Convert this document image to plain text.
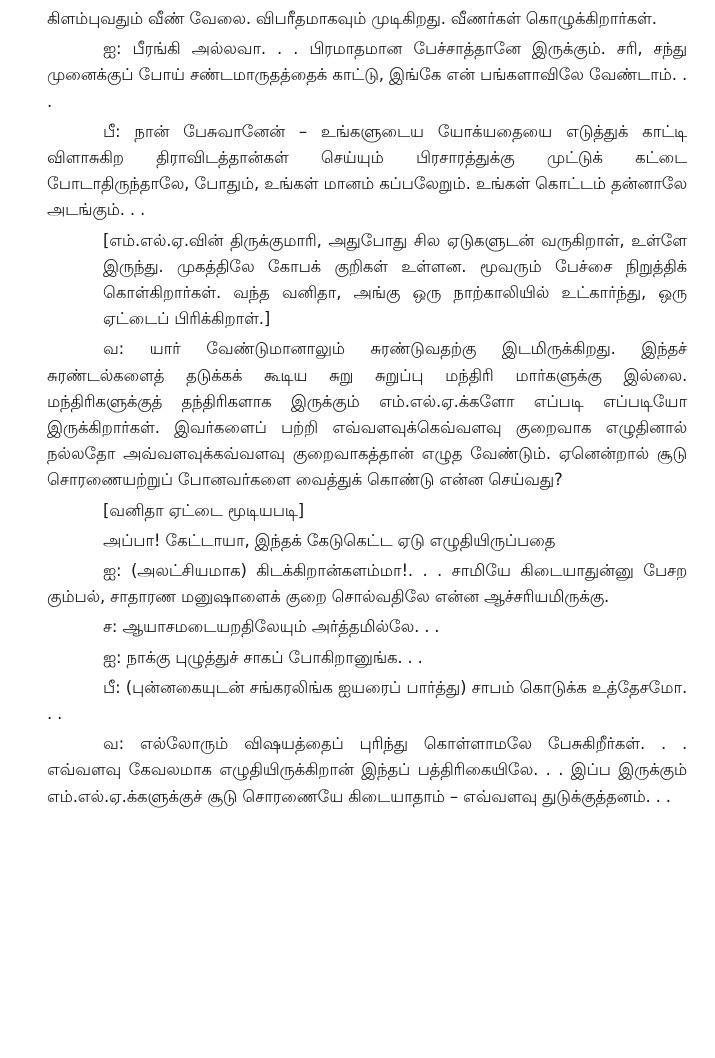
கிளம்புவதும் வீண் வேலை. விபரீதமாகவும் முடிகிறது. வீணர்கள் கொழுக்கிறார்கள்.

ஐ: பீரங்கி அல்லவா. . . பிரமாதமான பேச்சாத்தானே இருக்கும். சரி, சந்து முனைக்குப் போய் சண்டமாருதத்தைக் காட்டு, இங்கே என் பங்களாவிலே வேண்டாம். . .

பீ: நான் பேசுவானேன் – உங்களுடைய யோக்யதையை எடுத்துக் காட்டி விளாசுகிற திராவிடத்தான்கள் செய்யும் பிரசாரத்துக்கு முட்டுக் கட்டை போடாதிருந்தாலே, போதும், உங்கள் மானம் கப்பலேறும். உங்கள் கொட்டம் தன்னாலே அடங்கும். . .

[எம்.எல்.ஏ.வின் திருக்குமாரி, அதுபோது சில ஏடுகளுடன் வருகிறாள், உள்ளே இருந்து. முகத்திலே கோபக் குறிகள் உள்ளன. மூவரும் பேச்சை நிறுத்திக் கொள்கிறார்கள். வந்த வனிதா, அங்கு ஒரு நாற்காலியில் உட்கார்ந்து, ஒரு ஏட்டைப் பிரிக்கிறாள்.]

வ: யார் வேண்டுமானாலும் சுரண்டுவதற்கு இடமிருக்கிறது. இந்தச் சுரண்டல்களைத் தடுக்கக் கூடிய சுறு சுறுப்பு மந்திரி மார்களுக்கு இல்லை. மந்திரிகளுக்குத் தந்திரிகளாக இருக்கும் எம்.எல்.ஏ.க்களோ எப்படி எப்படியோ இருக்கிறார்கள். இவர்களைப் பற்றி எவ்வளவுக்கெவ்வளவு குறைவாக எழுதினால் நல்லதோ அவ்வளவுக்கவ்வளவு குறைவாகத்தான் எழுத வேண்டும். ஏனென்றால் சூடு சொரணையற்றுப் போனவர்களை வைத்துக் கொண்டு என்ன செய்வது?

[வனிதா ஏட்டை மூடியபடி]

அப்பா! கேட்டாயா, இந்தக் கேடுகெட்ட ஏடு எழுதியிருப்பதை

ஐ: (அலட்சியமாக) கிடக்கிறான்களம்மா!. . . சாமியே கிடையாதுன்னு பேசற கும்பல், சாதாரண மனுஷாளைக் குறை சொல்வதிலே என்ன ஆச்சரியமிருக்கு.

ச: ஆயாசமடையறதிலேயும் அர்த்தமில்லே. . .

ஐ: நாக்கு புழுத்துச் சாகப் போகிறானுங்க. . .

பீ: (புன்னகையுடன் சங்கரலிங்க ஐயரைப் பார்த்து) சாபம் கொடுக்க உத்தேசமோ. . .

வ: எல்லோரும் விஷயத்தைப் புரிந்து கொள்ளாமலே பேசுகிறீர்கள். . . எவ்வளவு கேவலமாக எழுதியிருக்கிறான் இந்தப் பத்திரிகையிலே. . . இப்ப இருக்கும் எம்.எல்.ஏ.க்களுக்குச் சூடு சொரணையே கிடையாதாம் – எவ்வளவு துடுக்குத்தனம். . .
